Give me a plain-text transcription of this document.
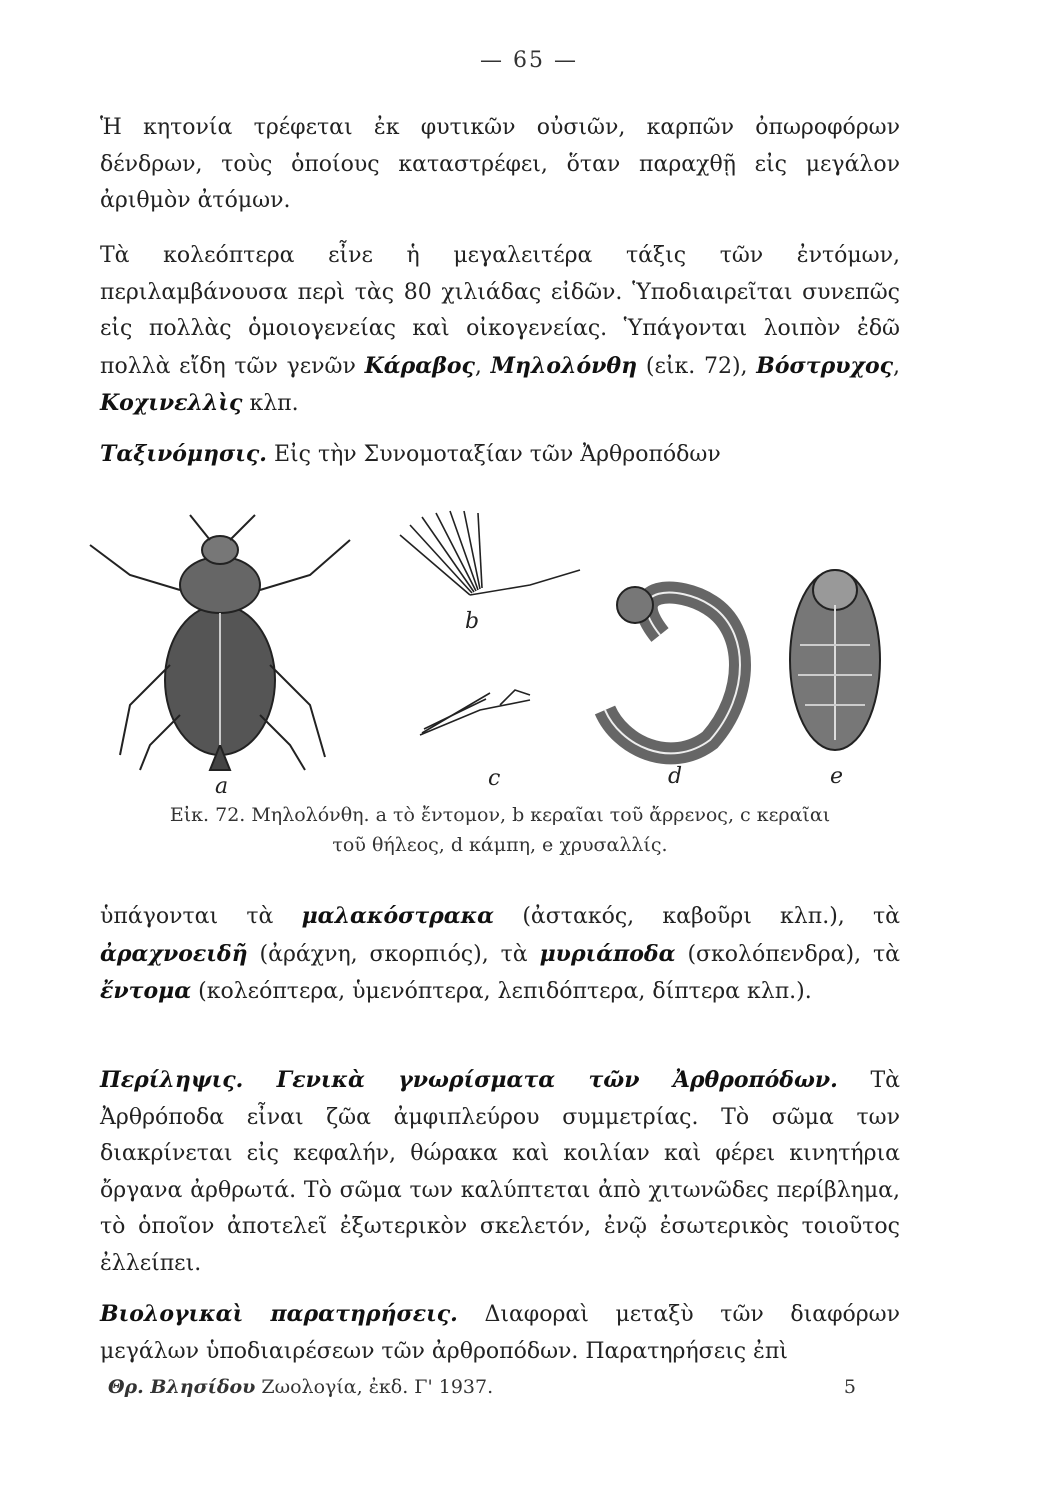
— 65 —
Ἡ κητονία τρέφεται ἐκ φυτικῶν οὐσιῶν, καρπῶν ὀπωροφόρων δένδρων, τοὺς ὁποίους καταστρέφει, ὅταν παραχθῇ εἰς μεγάλον ἀριθμὸν ἀτόμων.
Τὰ κολεόπτερα εἶνε ἡ μεγαλειτέρα τάξις τῶν ἐντόμων, περιλαμβάνουσα περὶ τὰς 80 χιλιάδας εἰδῶν. Ὑποδιαιρεῖται συνεπῶς εἰς πολλὰς ὁμοιογενείας καὶ οἰκογενείας. Ὑπάγονται λοιπὸν ἐδῶ πολλὰ εἴδη τῶν γενῶν Κάραβος, Μηλολόνθη (εἰκ. 72), Βόστρυχος, Κοχινελλὶς κλπ.
Ταξινόμησις. Εἰς τὴν Συνομοταξίαν τῶν Ἀρθροπόδων
a
b
c	d	e
Εἰκ. 72. Μηλολόνθη. a τὸ ἔντομον, b κεραῖαι τοῦ ἄρρενος, c κεραῖαι
τοῦ θήλεος, d κάμπη, e χρυσαλλίς.
ὑπάγονται τὰ μαλακόστρακα (ἀστακός, καβοῦρι κλπ.), τὰ ἀραχνοειδῆ (ἀράχνη, σκορπιός), τὰ μυριάποδα (σκολόπενδρα), τὰ ἔντομα (κολεόπτερα, ὑμενόπτερα, λεπιδόπτερα, δίπτερα κλπ.).
Περίληψις. Γενικὰ γνωρίσματα τῶν Ἀρθροπόδων. Τὰ Ἀρθρόποδα εἶναι ζῶα ἀμφιπλεύρου συμμετρίας. Τὸ σῶμα των διακρίνεται εἰς κεφαλήν, θώρακα καὶ κοιλίαν καὶ φέρει κινητήρια ὄργανα ἀρθρωτά. Τὸ σῶμα των καλύπτεται ἀπὸ χιτωνῶδες περίβλημα, τὸ ὁποῖον ἀποτελεῖ ἐξωτερικὸν σκελετόν, ἐνῷ ἐσωτερικὸς τοιοῦτος ἐλλείπει.
Βιολογικαὶ παρατηρήσεις. Διαφοραὶ μεταξὺ τῶν διαφόρων μεγάλων ὑποδιαιρέσεων τῶν ἀρθροπόδων. Παρατηρήσεις ἐπὶ
Θρ. Βλησίδου Ζωολογία, ἐκδ. Γ' 1937.	5
